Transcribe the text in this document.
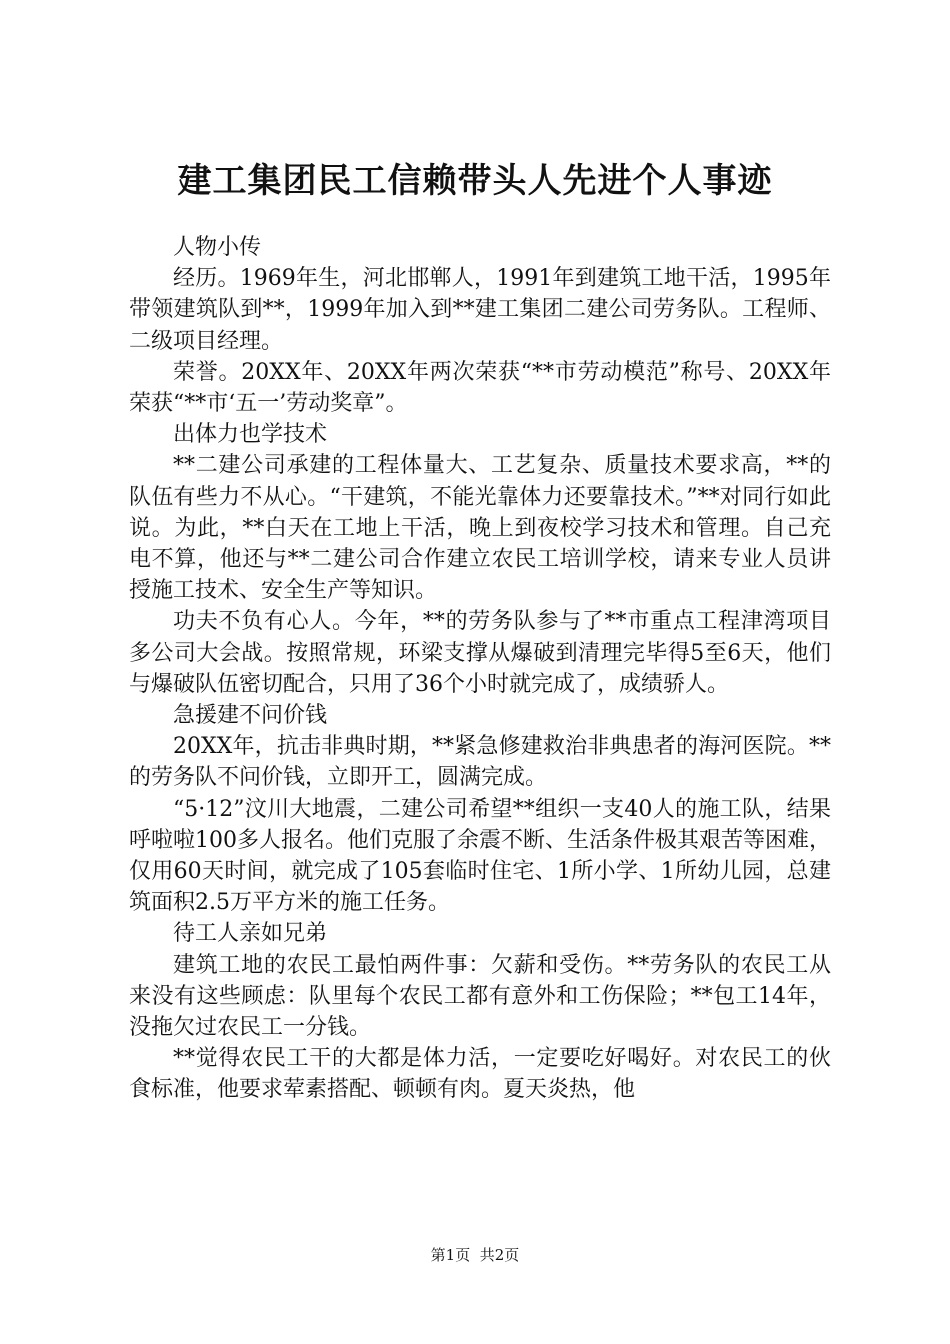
建工集团民工信赖带头人先进个人事迹

人物小传

经历。1969年生，河北邯郸人，1991年到建筑工地干活，1995年带领建筑队到**，1999年加入到**建工集团二建公司劳务队。工程师、二级项目经理。

荣誉。20XX年、20XX年两次荣获“**市劳动模范”称号、20XX年荣获“**市‘五一’劳动奖章”。

出体力也学技术

**二建公司承建的工程体量大、工艺复杂、质量技术要求高，**的队伍有些力不从心。“干建筑，不能光靠体力还要靠技术。”**对同行如此说。为此，**白天在工地上干活，晚上到夜校学习技术和管理。自己充电不算，他还与**二建公司合作建立农民工培训学校，请来专业人员讲授施工技术、安全生产等知识。

功夫不负有心人。今年，**的劳务队参与了**市重点工程津湾项目多公司大会战。按照常规，环梁支撑从爆破到清理完毕得5至6天，他们与爆破队伍密切配合，只用了36个小时就完成了，成绩骄人。

急援建不问价钱

20XX年，抗击非典时期，**紧急修建救治非典患者的海河医院。**的劳务队不问价钱，立即开工，圆满完成。

“5·12”汶川大地震，二建公司希望**组织一支40人的施工队，结果呼啦啦100多人报名。他们克服了余震不断、生活条件极其艰苦等困难，仅用60天时间，就完成了105套临时住宅、1所小学、1所幼儿园，总建筑面积2.5万平方米的施工任务。

待工人亲如兄弟

建筑工地的农民工最怕两件事：欠薪和受伤。**劳务队的农民工从来没有这些顾虑：队里每个农民工都有意外和工伤保险；**包工14年，没拖欠过农民工一分钱。

**觉得农民工干的大都是体力活，一定要吃好喝好。对农民工的伙食标准，他要求荤素搭配、顿顿有肉。夏天炎热，他

第1页 共2页
